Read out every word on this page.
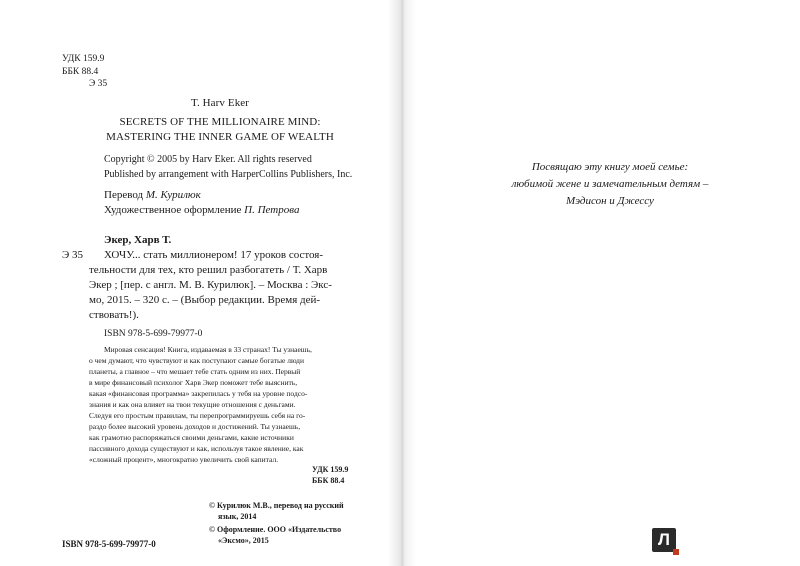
УДК 159.9
ББК 88.4
Э 35
T. Harv Eker
SECRETS OF THE MILLIONAIRE MIND:
MASTERING THE INNER GAME OF WEALTH
Copyright © 2005 by Harv Eker. All rights reserved
Published by arrangement with HarperCollins Publishers, Inc.
Перевод М. Курилюк
Художественное оформление П. Петрова
Э 35
Экер, Харв Т.
ХОЧУ... стать миллионером! 17 уроков состоя-
тельности для тех, кто решил разбогатеть / Т. Харв
Экер ; [пер. с англ. М. В. Курилюк]. – Москва : Экс-
мо, 2015. – 320 с. – (Выбор редакции. Время дей-
ствовать!).
ISBN 978-5-699-79977-0
Мировая сенсация! Книга, издаваемая в 33 странах! Ты узнаешь,
о чем думают, что чувствуют и как поступают самые богатые люди
планеты, а главное – что мешает тебе стать одним из них. Первый
в мире финансовый психолог Харв Экер поможет тебе выяснить,
какая «финансовая программа» закрепилась у тебя на уровне подсо-
знания и как она влияет на твои текущие отношения с деньгами.
Следуя его простым правилам, ты перепрограммируешь себя на го-
раздо более высокий уровень доходов и достижений. Ты узнаешь,
как грамотно распоряжаться своими деньгами, какие источники
пассивного дохода существуют и как, используя такое явление, как
«сложный процент», многократно увеличить свой капитал.
УДК 159.9
ББК 88.4
© Курилюк М.В., перевод на русский
язык, 2014
© Оформление. ООО «Издательство
«Эксмо», 2015
ISBN 978-5-699-79977-0
Посвящаю эту книгу моей семье:
любимой жене и замечательным детям –
Мэдисон и Джессу
Л
